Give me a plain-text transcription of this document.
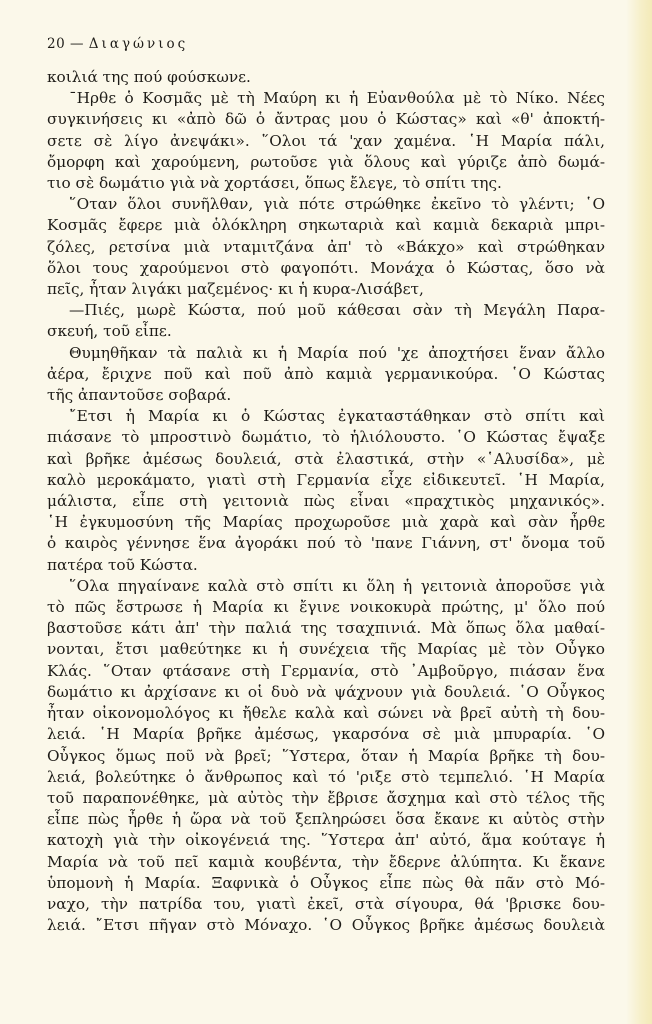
20 — Διαγώνιος
κοιλιά της πού φούσκωνε.
ˉΗρθε ὁ Κοσμᾶς μὲ τὴ Μαύρη κι ἡ Εὐανθούλα μὲ τὸ Νίκο. Νέες
συγκινήσεις κι «ἀπὸ δῶ ὁ ἄντρας μου ὁ Κώστας» καὶ «θ' ἀποκτή-
σετε σὲ λίγο ἀνεψάκι». ῞Ολοι τά 'χαν χαμένα. ῾Η Μαρία πάλι,
ὄμορφη καὶ χαρούμενη, ρωτοῦσε γιὰ ὅλους καὶ γύριζε ἀπὸ δωμά-
τιο σὲ δωμάτιο γιὰ νὰ χορτάσει, ὅπως ἔλεγε, τὸ σπίτι της.
῞Οταν ὅλοι συνῆλθαν, γιὰ πότε στρώθηκε ἐκεῖνο τὸ γλέντι; ῾Ο
Κοσμᾶς ἔφερε μιὰ ὁλόκληρη σηκωταριὰ καὶ καμιὰ δεκαριὰ μπρι-
ζόλες, ρετσίνα μιὰ νταμιτζάνα ἀπ' τὸ «Βάκχο» καὶ στρώθηκαν
ὅλοι τους χαρούμενοι στὸ φαγοπότι. Μονάχα ὁ Κώστας, ὅσο νὰ
πεῖς, ἦταν λιγάκι μαζεμένος· κι ἡ κυρα-Λισάβετ,
—Πιές, μωρὲ Κώστα, πού μοῦ κάθεσαι σὰν τὴ Μεγάλη Παρα-
σκευή, τοῦ εἶπε.
Θυμηθῆκαν τὰ παλιὰ κι ἡ Μαρία πού 'χε ἀποχτήσει ἕναν ἄλλο
ἀέρα, ἔριχνε ποῦ καὶ ποῦ ἀπὸ καμιὰ γερμανικούρα. ῾Ο Κώστας
τῆς ἀπαντοῦσε σοβαρά.
῎Ετσι ἡ Μαρία κι ὁ Κώστας ἐγκαταστάθηκαν στὸ σπίτι καὶ
πιάσανε τὸ μπροστινὸ δωμάτιο, τὸ ἡλιόλουστο. ῾Ο Κώστας ἔψαξε
καὶ βρῆκε ἀμέσως δουλειά, στὰ ἐλαστικά, στὴν «῾Αλυσίδα», μὲ
καλὸ μεροκάματο, γιατὶ στὴ Γερμανία εἶχε εἰδικευτεῖ. ῾Η Μαρία,
μάλιστα, εἶπε στὴ γειτονιὰ πὼς εἶναι «πραχτικὸς μηχανικός».
῾Η ἐγκυμοσύνη τῆς Μαρίας προχωροῦσε μιὰ χαρὰ καὶ σὰν ἦρθε
ὁ καιρὸς γέννησε ἕνα ἀγοράκι πού τὸ 'πανε Γιάννη, στ' ὄνομα τοῦ
πατέρα τοῦ Κώστα.
῞Ολα πηγαίνανε καλὰ στὸ σπίτι κι ὅλη ἡ γειτονιὰ ἀποροῦσε γιὰ
τὸ πῶς ἔστρωσε ἡ Μαρία κι ἔγινε νοικοκυρὰ πρώτης, μ' ὅλο πού
βαστοῦσε κάτι ἀπ' τὴν παλιά της τσαχπινιά. Μὰ ὅπως ὅλα μαθαί-
νονται, ἔτσι μαθεύτηκε κι ἡ συνέχεια τῆς Μαρίας μὲ τὸν Οὖγκο
Κλάς. ῞Οταν φτάσανε στὴ Γερμανία, στὸ ᾿Αμβοῦργο, πιάσαν ἕνα
δωμάτιο κι ἀρχίσανε κι οἱ δυὸ νὰ ψάχνουν γιὰ δουλειά. ῾Ο Οὖγκος
ἦταν οἰκονομολόγος κι ἤθελε καλὰ καὶ σώνει νὰ βρεῖ αὐτὴ τὴ δου-
λειά. ῾Η Μαρία βρῆκε ἀμέσως, γκαρσόνα σὲ μιὰ μπυραρία. ῾Ο
Οὖγκος ὅμως ποῦ νὰ βρεῖ; ῞Υστερα, ὅταν ἡ Μαρία βρῆκε τὴ δου-
λειά, βολεύτηκε ὁ ἄνθρωπος καὶ τό 'ριξε στὸ τεμπελιό. ῾Η Μαρία
τοῦ παραπονέθηκε, μὰ αὐτὸς τὴν ἔβρισε ἄσχημα καὶ στὸ τέλος τῆς
εἶπε πὼς ἦρθε ἡ ὥρα νὰ τοῦ ξεπληρώσει ὅσα ἔκανε κι αὐτὸς στὴν
κατοχὴ γιὰ τὴν οἰκογένειά της. ῞Υστερα ἀπ' αὐτό, ἅμα κούταγε ἡ
Μαρία νὰ τοῦ πεῖ καμιὰ κουβέντα, τὴν ἔδερνε ἀλύπητα. Κι ἔκανε
ὑπομονὴ ἡ Μαρία. Ξαφνικὰ ὁ Οὖγκος εἶπε πὼς θὰ πᾶν στὸ Μό-
ναχο, τὴν πατρίδα του, γιατὶ ἐκεῖ, στὰ σίγουρα, θά 'βρισκε δου-
λειά. ῎Ετσι πῆγαν στὸ Μόναχο. ῾Ο Οὖγκος βρῆκε ἀμέσως δουλειὰ
